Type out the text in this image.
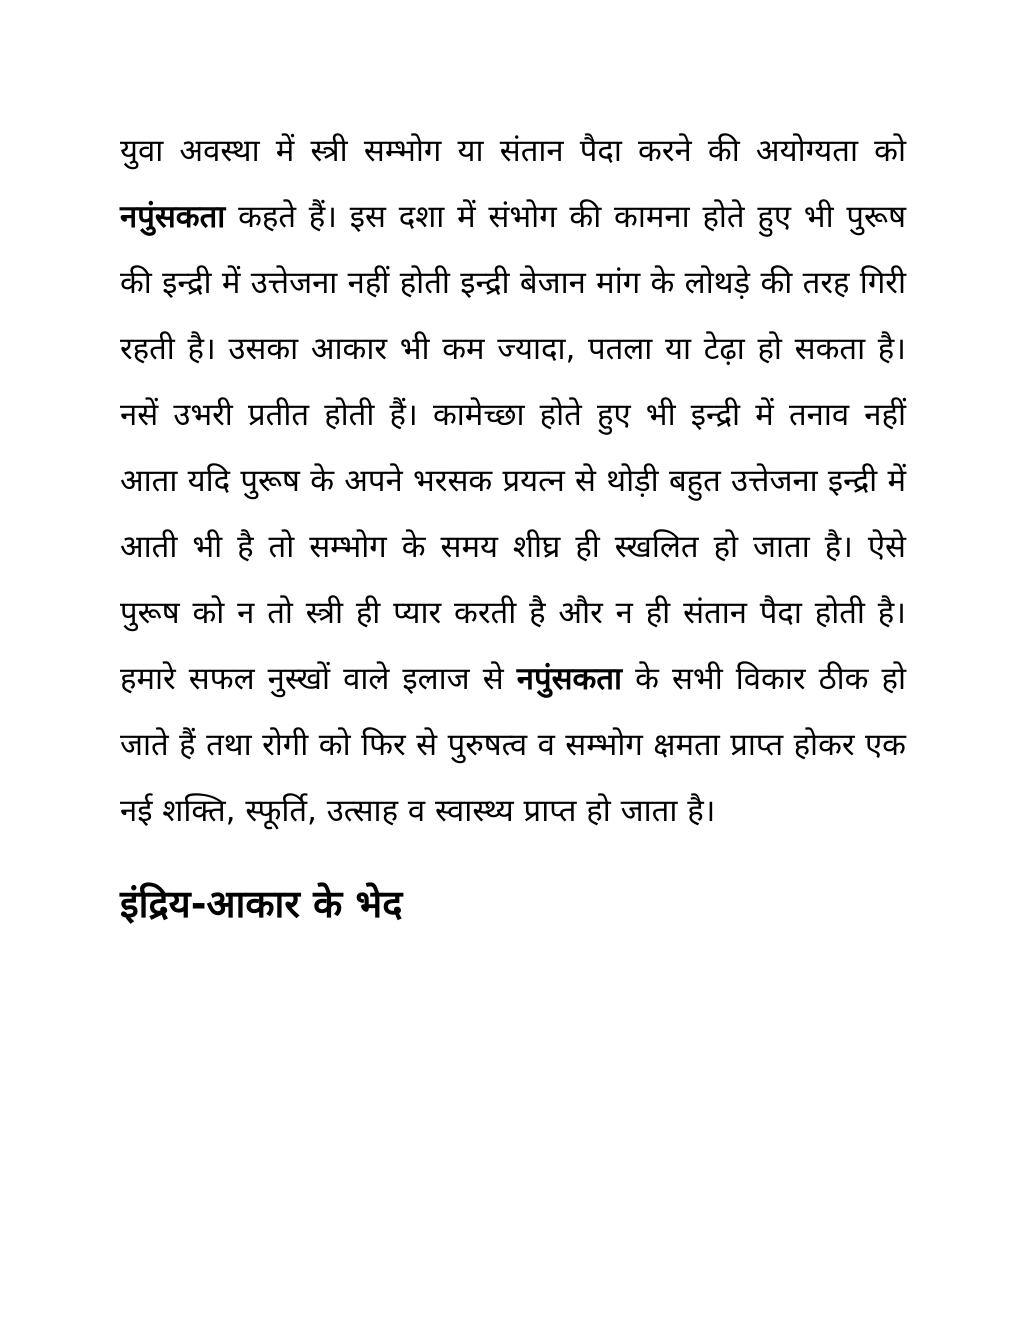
युवा अवस्था में स्त्री सम्भोग या संतान पैदा करने की अयोग्यता को नपुंसकता कहते हैं। इस दशा में संभोग की कामना होते हुए भी पुरूष की इन्द्री में उत्तेजना नहीं होती इन्द्री बेजान मांग के लोथड़े की तरह गिरी रहती है। उसका आकार भी कम ज्यादा, पतला या टेढ़ा हो सकता है। नसें उभरी प्रतीत होती हैं। कामेच्छा होते हुए भी इन्द्री में तनाव नहीं आता यदि पुरूष के अपने भरसक प्रयत्न से थोड़ी बहुत उत्तेजना इन्द्री में आती भी है तो सम्भोग के समय शीघ्र ही स्खलित हो जाता है। ऐसे पुरूष को न तो स्त्री ही प्यार करती है और न ही संतान पैदा होती है। हमारे सफल नुस्खों वाले इलाज से नपुंसकता के सभी विकार ठीक हो जाते हैं तथा रोगी को फिर से पुरुषत्व व सम्भोग क्षमता प्राप्त होकर एक नई शक्ति, स्फूर्ति, उत्साह व स्वास्थ्य प्राप्त हो जाता है।

इंद्रिय-आकार के भेद
